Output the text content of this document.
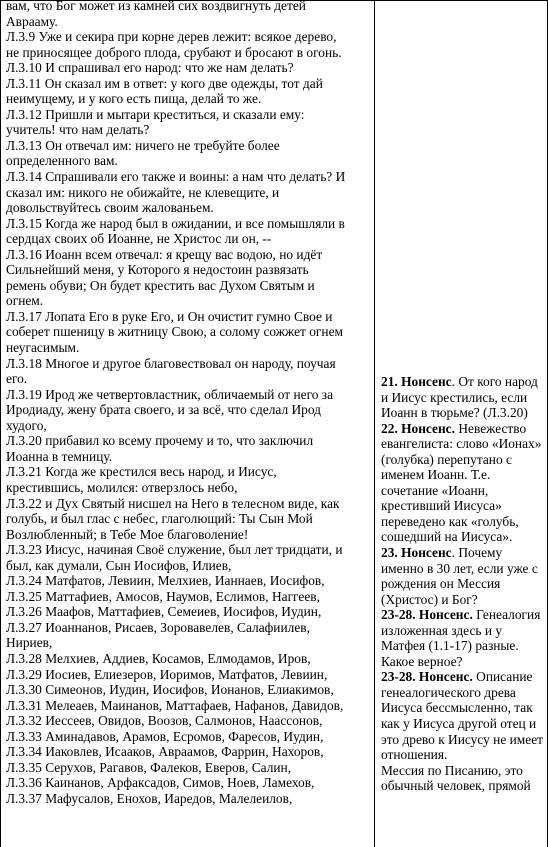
вам, что Бог может из камней сих воздвигнуть детей
Аврааму.
Л.3.9 Уже и секира при корне дерев лежит: всякое дерево,
не приносящее доброго плода, срубают и бросают в огонь.
Л.3.10 И спрашивал его народ: что же нам делать?
Л.3.11 Он сказал им в ответ: у кого две одежды, тот дай
неимущему, и у кого есть пища, делай то же.
Л.3.12 Пришли и мытари креститься, и сказали ему:
учитель! что нам делать?
Л.3.13 Он отвечал им: ничего не требуйте более
определенного вам.
Л.3.14 Спрашивали его также и воины: а нам что делать? И
сказал им: никого не обижайте, не клевещите, и
довольствуйтесь своим жалованьем.
Л.3.15 Когда же народ был в ожидании, и все помышляли в
сердцах своих об Иоанне, не Христос ли он, --
Л.3.16 Иоанн всем отвечал: я крещу вас водою, но идёт
Сильнейший меня, у Которого я недостоин развязать
ремень обуви; Он будет крестить вас Духом Святым и
огнем.
Л.3.17 Лопата Его в руке Его, и Он очистит гумно Свое и
соберет пшеницу в житницу Свою, а солому сожжет огнем
неугасимым.
Л.3.18 Многое и другое благовествовал он народу, поучая
его.
Л.3.19 Ирод же четвертовластник, обличаемый от него за
Иродиаду, жену брата своего, и за всё, что сделал Ирод
худого,
Л.3.20 прибавил ко всему прочему и то, что заключил
Иоанна в темницу.
Л.3.21 Когда же крестился весь народ, и Иисус,
крестившись, молился: отверзлось небо,
Л.3.22 и Дух Святый нисшел на Него в телесном виде, как
голубь, и был глас с небес, глаголющий: Ты Сын Мой
Возлюбленный; в Тебе Мое благоволение!
Л.3.23 Иисус, начиная Своё служение, был лет тридцати, и
был, как думали, Сын Иосифов, Илиев,
Л.3.24 Матфатов, Левиин, Мелхиев, Ианнаев, Иосифов,
Л.3.25 Маттафиев, Амосов, Наумов, Еслимов, Наггеев,
Л.3.26 Маафов, Маттафиев, Семеиев, Иосифов, Иудин,
Л.3.27 Иоаннанов, Рисаев, Зоровавелев, Салафиилев,
Нириев,
Л.3.28 Мелхиев, Аддиев, Косамов, Елмодамов, Иров,
Л.3.29 Иосиев, Елиезеров, Иоримов, Матфатов, Левиин,
Л.3.30 Симеонов, Иудин, Иосифов, Ионанов, Елиакимов,
Л.3.31 Мелеаев, Маинанов, Маттафаев, Нафанов, Давидов,
Л.3.32 Иессеев, Овидов, Воозов, Салмонов, Наассонов,
Л.3.33 Аминадавов, Арамов, Есромов, Фаресов, Иудин,
Л.3.34 Иаковлев, Исааков, Авраамов, Фаррин, Нахоров,
Л.3.35 Серухов, Рагавов, Фалеков, Еверов, Салин,
Л.3.36 Каинанов, Арфаксадов, Симов, Ноев, Ламехов,
Л.3.37 Мафусалов, Енохов, Иаредов, Малелеилов,
21. Нонсенс. От кого народ и Иисус крестились, если Иоанн в тюрьме? (Л.3.20)
22. Нонсенс. Невежество евангелиста: слово «Ионах» (голубка) перепутано с именем Иоанн. Т.е. сочетание «Иоанн, крестивший Иисуса» переведено как «голубь, сошедший на Иисуса».
23. Нонсенс. Почему именно в 30 лет, если уже с рождения он Мессия (Христос) и Бог?
23-28. Нонсенс. Генеалогия изложенная здесь и у Матфея (1.1-17) разные. Какое верное?
23-28. Нонсенс. Описание генеалогического древа Иисуса бессмысленно, так как у Иисуса другой отец и это древо к Иисусу не имеет отношения.
Мессия по Писанию, это обычный человек, прямой
